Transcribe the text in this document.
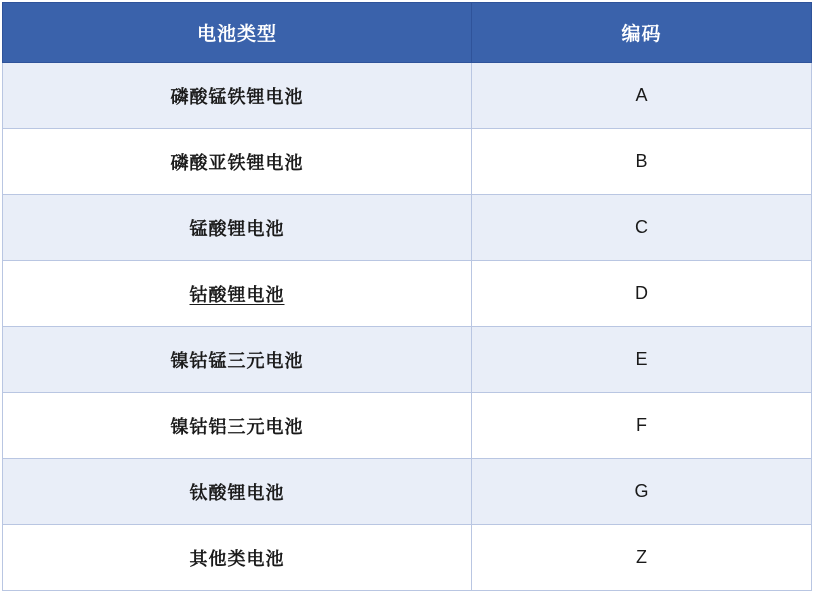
电池类型	编码
磷酸锰铁锂电池	A
磷酸亚铁锂电池	B
锰酸锂电池	C
钴酸锂电池	D
镍钴锰三元电池	E
镍钴铝三元电池	F
钛酸锂电池	G
其他类电池	Z
